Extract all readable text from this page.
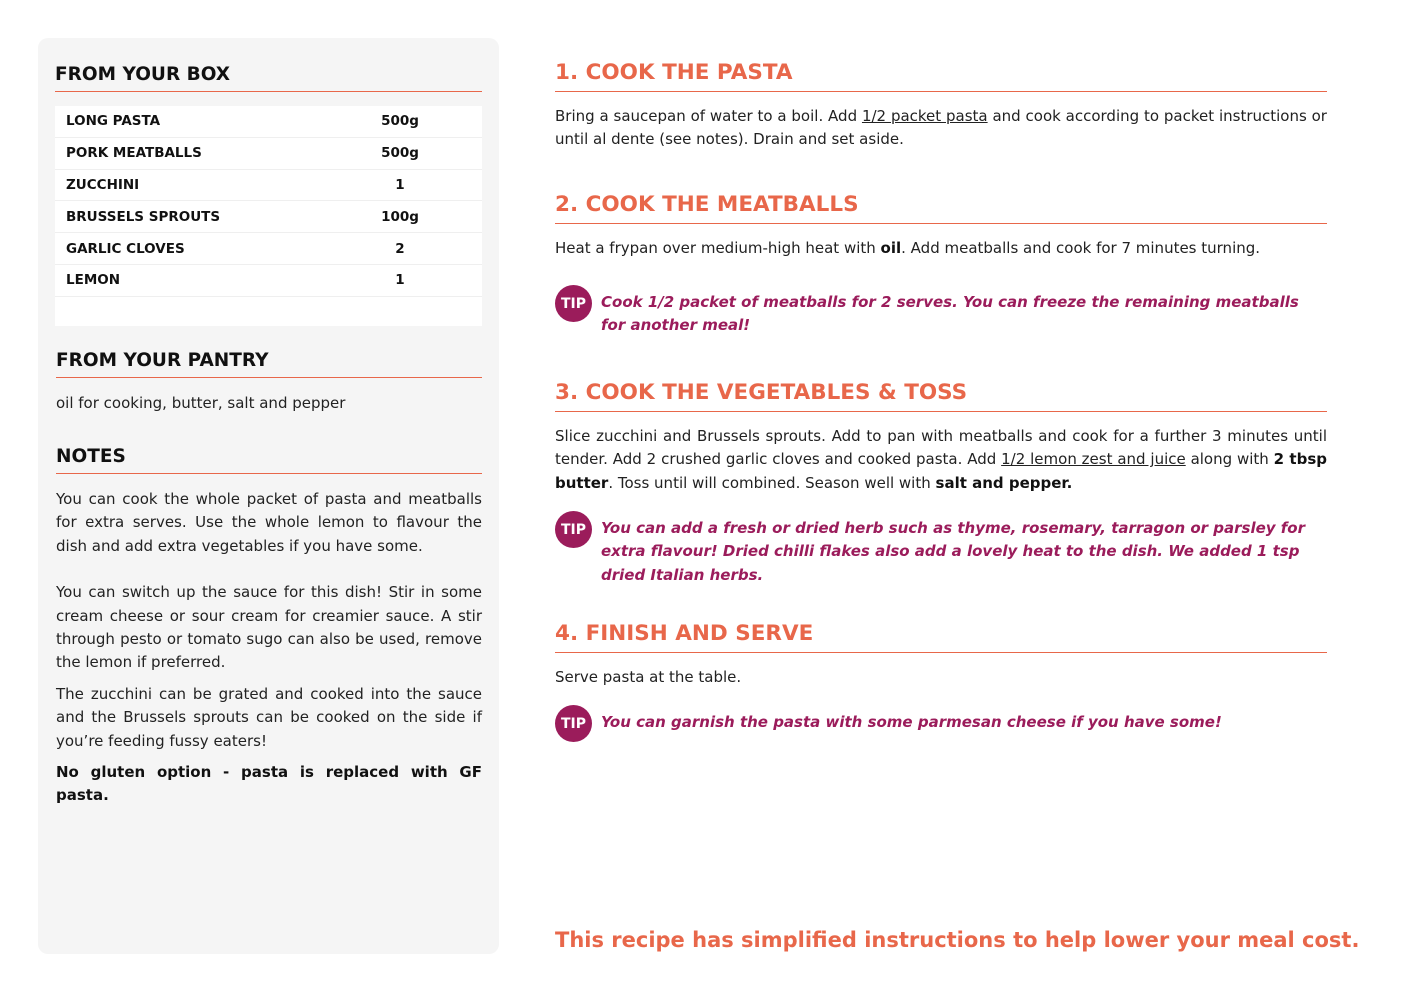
FROM YOUR BOX
LONG PASTA	500g
PORK MEATBALLS	500g
ZUCCHINI	1
BRUSSELS SPROUTS	100g
GARLIC CLOVES	2
LEMON	1
FROM YOUR PANTRY
oil for cooking, butter, salt and pepper
NOTES

You can cook the whole packet of pasta and meatballs for extra serves. Use the whole lemon to flavour the dish and add extra vegetables if you have some.

You can switch up the sauce for this dish! Stir in some cream cheese or sour cream for creamier sauce. A stir through pesto or tomato sugo can also be used, remove the lemon if preferred.

The zucchini can be grated and cooked into the sauce and the Brussels sprouts can be cooked on the side if you’re feeding fussy eaters!

No gluten option - pasta is replaced with GF pasta.

1. COOK THE PASTA
Bring a saucepan of water to a boil. Add 1/2 packet pasta and cook according to packet instructions or until al dente (see notes). Drain and set aside.
2. COOK THE MEATBALLS
Heat a frypan over medium-high heat with oil. Add meatballs and cook for 7 minutes turning.
TIP Cook 1/2 packet of meatballs for 2 serves. You can freeze the remaining meatballs for another meal!
3. COOK THE VEGETABLES & TOSS
Slice zucchini and Brussels sprouts. Add to pan with meatballs and cook for a further 3 minutes until tender. Add 2 crushed garlic cloves and cooked pasta. Add 1/2 lemon zest and juice along with 2 tbsp butter. Toss until will combined. Season well with salt and pepper.
TIP You can add a fresh or dried herb such as thyme, rosemary, tarragon or parsley for extra flavour! Dried chilli flakes also add a lovely heat to the dish. We added 1 tsp dried Italian herbs.
4. FINISH AND SERVE
Serve pasta at the table.
TIP You can garnish the pasta with some parmesan cheese if you have some!
This recipe has simplified instructions to help lower your meal cost.
